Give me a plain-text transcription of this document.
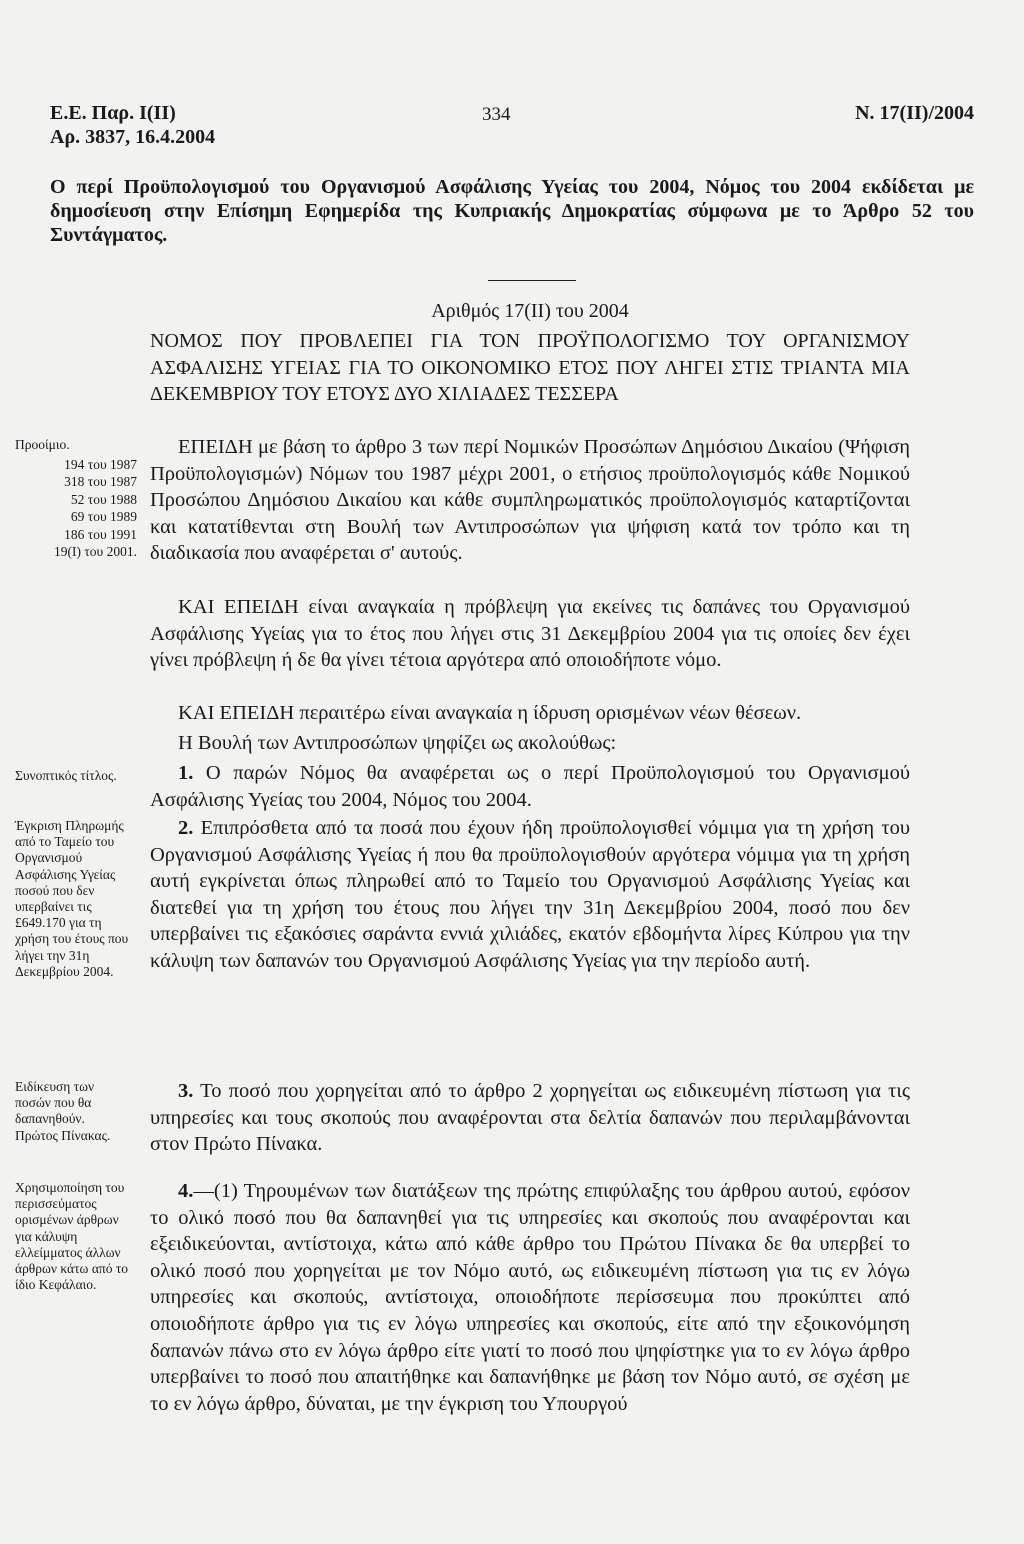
Ε.Ε. Παρ. Ι(ΙΙ)
Αρ. 3837, 16.4.2004
334	Ν. 17(ΙΙ)/2004

Ο περί Προϋπολογισμού του Οργανισμού Ασφάλισης Υγείας του 2004, Νόμος του 2004 εκδίδεται με δημοσίευση στην Επίσημη Εφημερίδα της Κυπριακής Δημοκρατίας σύμφωνα με το Άρθρο 52 του Συντάγματος.

Αριθμός 17(ΙΙ) του 2004

ΝΟΜΟΣ ΠΟΥ ΠΡΟΒΛΕΠΕΙ ΓΙΑ ΤΟΝ ΠΡΟΫΠΟΛΟΓΙΣΜΟ ΤΟΥ ΟΡΓΑΝΙΣΜΟΥ ΑΣΦΑΛΙΣΗΣ ΥΓΕΙΑΣ ΓΙΑ ΤΟ ΟΙΚΟΝΟΜΙΚΟ ΕΤΟΣ ΠΟΥ ΛΗΓΕΙ ΣΤΙΣ ΤΡΙΑΝΤΑ ΜΙΑ ΔΕΚΕΜΒΡΙΟΥ ΤΟΥ ΕΤΟΥΣ ΔΥΟ ΧΙΛΙΑΔΕΣ ΤΕΣΣΕΡΑ

ΕΠΕΙΔΗ με βάση το άρθρο 3 των περί Νομικών Προσώπων Δημόσιου Δικαίου (Ψήφιση Προϋπολογισμών) Νόμων του 1987 μέχρι 2001, ο ετήσιος προϋπολογισμός κάθε Νομικού Προσώπου Δημόσιου Δικαίου και κάθε συμπληρωματικός προϋπολογισμός καταρτίζονται και κατατίθενται στη Βουλή των Αντιπροσώπων για ψήφιση κατά τον τρόπο και τη διαδικασία που αναφέρεται σ' αυτούς.

ΚΑΙ ΕΠΕΙΔΗ είναι αναγκαία η πρόβλεψη για εκείνες τις δαπάνες του Οργανισμού Ασφάλισης Υγείας για το έτος που λήγει στις 31 Δεκεμβρίου 2004 για τις οποίες δεν έχει γίνει πρόβλεψη ή δε θα γίνει τέτοια αργότερα από οποιοδήποτε νόμο.

ΚΑΙ ΕΠΕΙΔΗ περαιτέρω είναι αναγκαία η ίδρυση ορισμένων νέων θέσεων.

Η Βουλή των Αντιπροσώπων ψηφίζει ως ακολούθως:

1. Ο παρών Νόμος θα αναφέρεται ως ο περί Προϋπολογισμού του Οργανισμού Ασφάλισης Υγείας του 2004, Νόμος του 2004.

2. Επιπρόσθετα από τα ποσά που έχουν ήδη προϋπολογισθεί νόμιμα για τη χρήση του Οργανισμού Ασφάλισης Υγείας ή που θα προϋπολογισθούν αργότερα νόμιμα για τη χρήση αυτή εγκρίνεται όπως πληρωθεί από το Ταμείο του Οργανισμού Ασφάλισης Υγείας και διατεθεί για τη χρήση του έτους που λήγει την 31η Δεκεμβρίου 2004, ποσό που δεν υπερβαίνει τις εξακόσιες σαράντα εννιά χιλιάδες, εκατόν εβδομήντα λίρες Κύπρου για την κάλυψη των δαπανών του Οργανισμού Ασφάλισης Υγείας για την περίοδο αυτή.

3. Το ποσό που χορηγείται από το άρθρο 2 χορηγείται ως ειδικευμένη πίστωση για τις υπηρεσίες και τους σκοπούς που αναφέρονται στα δελτία δαπανών που περιλαμβάνονται στον Πρώτο Πίνακα.

4.—(1) Τηρουμένων των διατάξεων της πρώτης επιφύλαξης του άρθρου αυτού, εφόσον το ολικό ποσό που θα δαπανηθεί για τις υπηρεσίες και σκοπούς που αναφέρονται και εξειδικεύονται, αντίστοιχα, κάτω από κάθε άρθρο του Πρώτου Πίνακα δε θα υπερβεί το ολικό ποσό που χορηγείται με τον Νόμο αυτό, ως ειδικευμένη πίστωση για τις εν λόγω υπηρεσίες και σκοπούς, αντίστοιχα, οποιοδήποτε περίσσευμα που προκύπτει από οποιοδήποτε άρθρο για τις εν λόγω υπηρεσίες και σκοπούς, είτε από την εξοικονόμηση δαπανών πάνω στο εν λόγω άρθρο είτε γιατί το ποσό που ψηφίστηκε για το εν λόγω άρθρο υπερβαίνει το ποσό που απαιτήθηκε και δαπανήθηκε με βάση τον Νόμο αυτό, σε σχέση με το εν λόγω άρθρο, δύναται, με την έγκριση του Υπουργού

Προοίμιο.
194 του 1987
318 του 1987
52 του 1988
69 του 1989
186 του 1991
19(Ι) του 2001.
Συνοπτικός τίτλος.
Έγκριση Πληρωμής από το Ταμείο του Οργανισμού Ασφάλισης Υγείας ποσού που δεν υπερβαίνει τις £649.170 για τη χρήση του έτους που λήγει την 31η Δεκεμβρίου 2004.
Ειδίκευση των ποσών που θα δαπανηθούν. Πρώτος Πίνακας.
Χρησιμοποίηση του περισσεύματος ορισμένων άρθρων για κάλυψη ελλείμματος άλλων άρθρων κάτω από το ίδιο Κεφάλαιο.
